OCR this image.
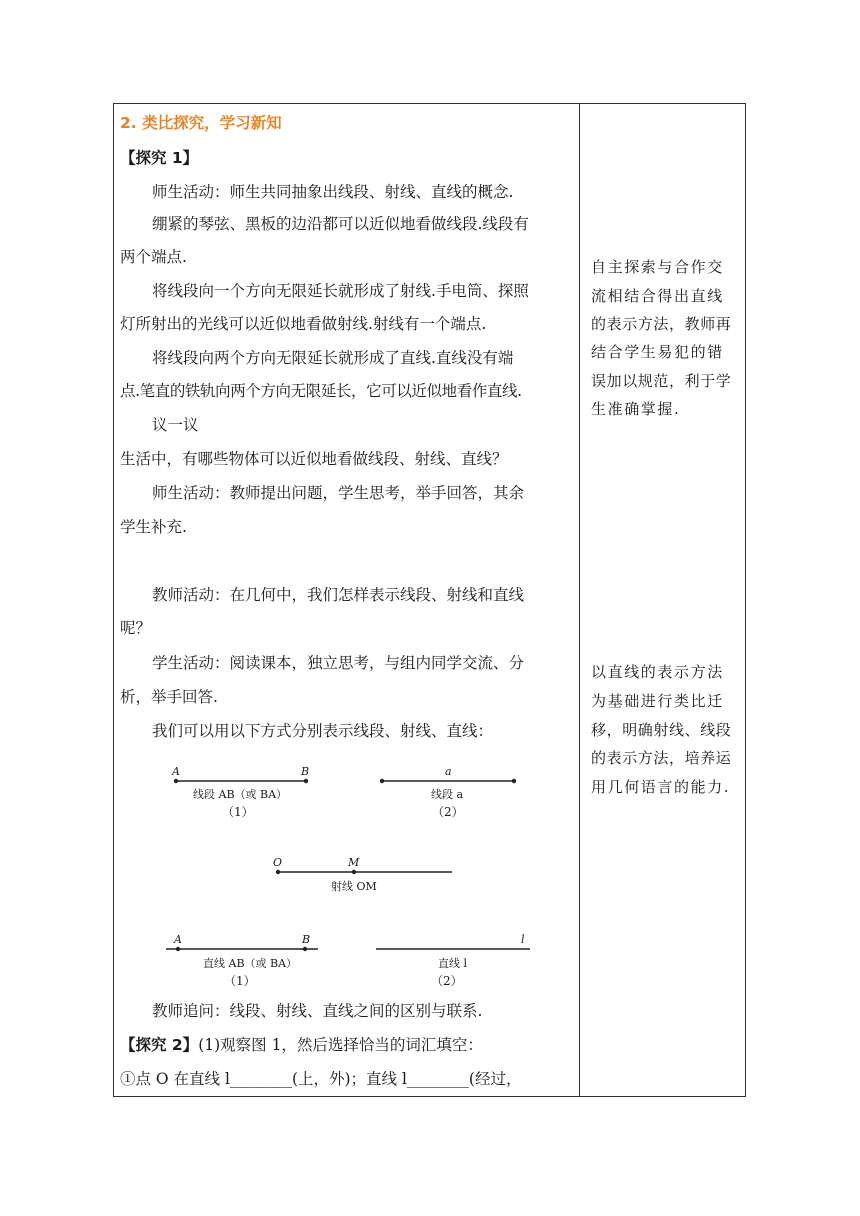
2. 类比探究，学习新知
【探究 1】
师生活动：师生共同抽象出线段、射线、直线的概念.
绷紧的琴弦、黑板的边沿都可以近似地看做线段.线段有
两个端点.
将线段向一个方向无限延长就形成了射线.手电筒、探照
灯所射出的光线可以近似地看做射线.射线有一个端点.
将线段向两个方向无限延长就形成了直线.直线没有端
点.笔直的铁轨向两个方向无限延长，它可以近似地看作直线.
议一议
生活中，有哪些物体可以近似地看做线段、射线、直线？
师生活动：教师提出问题，学生思考，举手回答，其余
学生补充.
教师活动：在几何中，我们怎样表示线段、射线和直线
呢？
学生活动：阅读课本，独立思考，与组内同学交流、分
析，举手回答.
我们可以用以下方式分别表示线段、射线、直线：
教师追问：线段、射线、直线之间的区别与联系.
【探究 2】(1)观察图 1，然后选择恰当的词汇填空：
①点 O 在直线 l________(上，外)；直线 l________(经过，
A	B
线段 AB（或 BA）
（1）
a
线段 a
（2）
O	M
射线 OM
A	B
直线 AB（或 BA）
（1）
l
直线 l
（2）
自主探索与合作交
流相结合得出直线
的表示方法，教师再
结合学生易犯的错
误加以规范，利于学
生准确掌握.
以直线的表示方法
为基础进行类比迁
移，明确射线、线段
的表示方法，培养运
用几何语言的能力.
